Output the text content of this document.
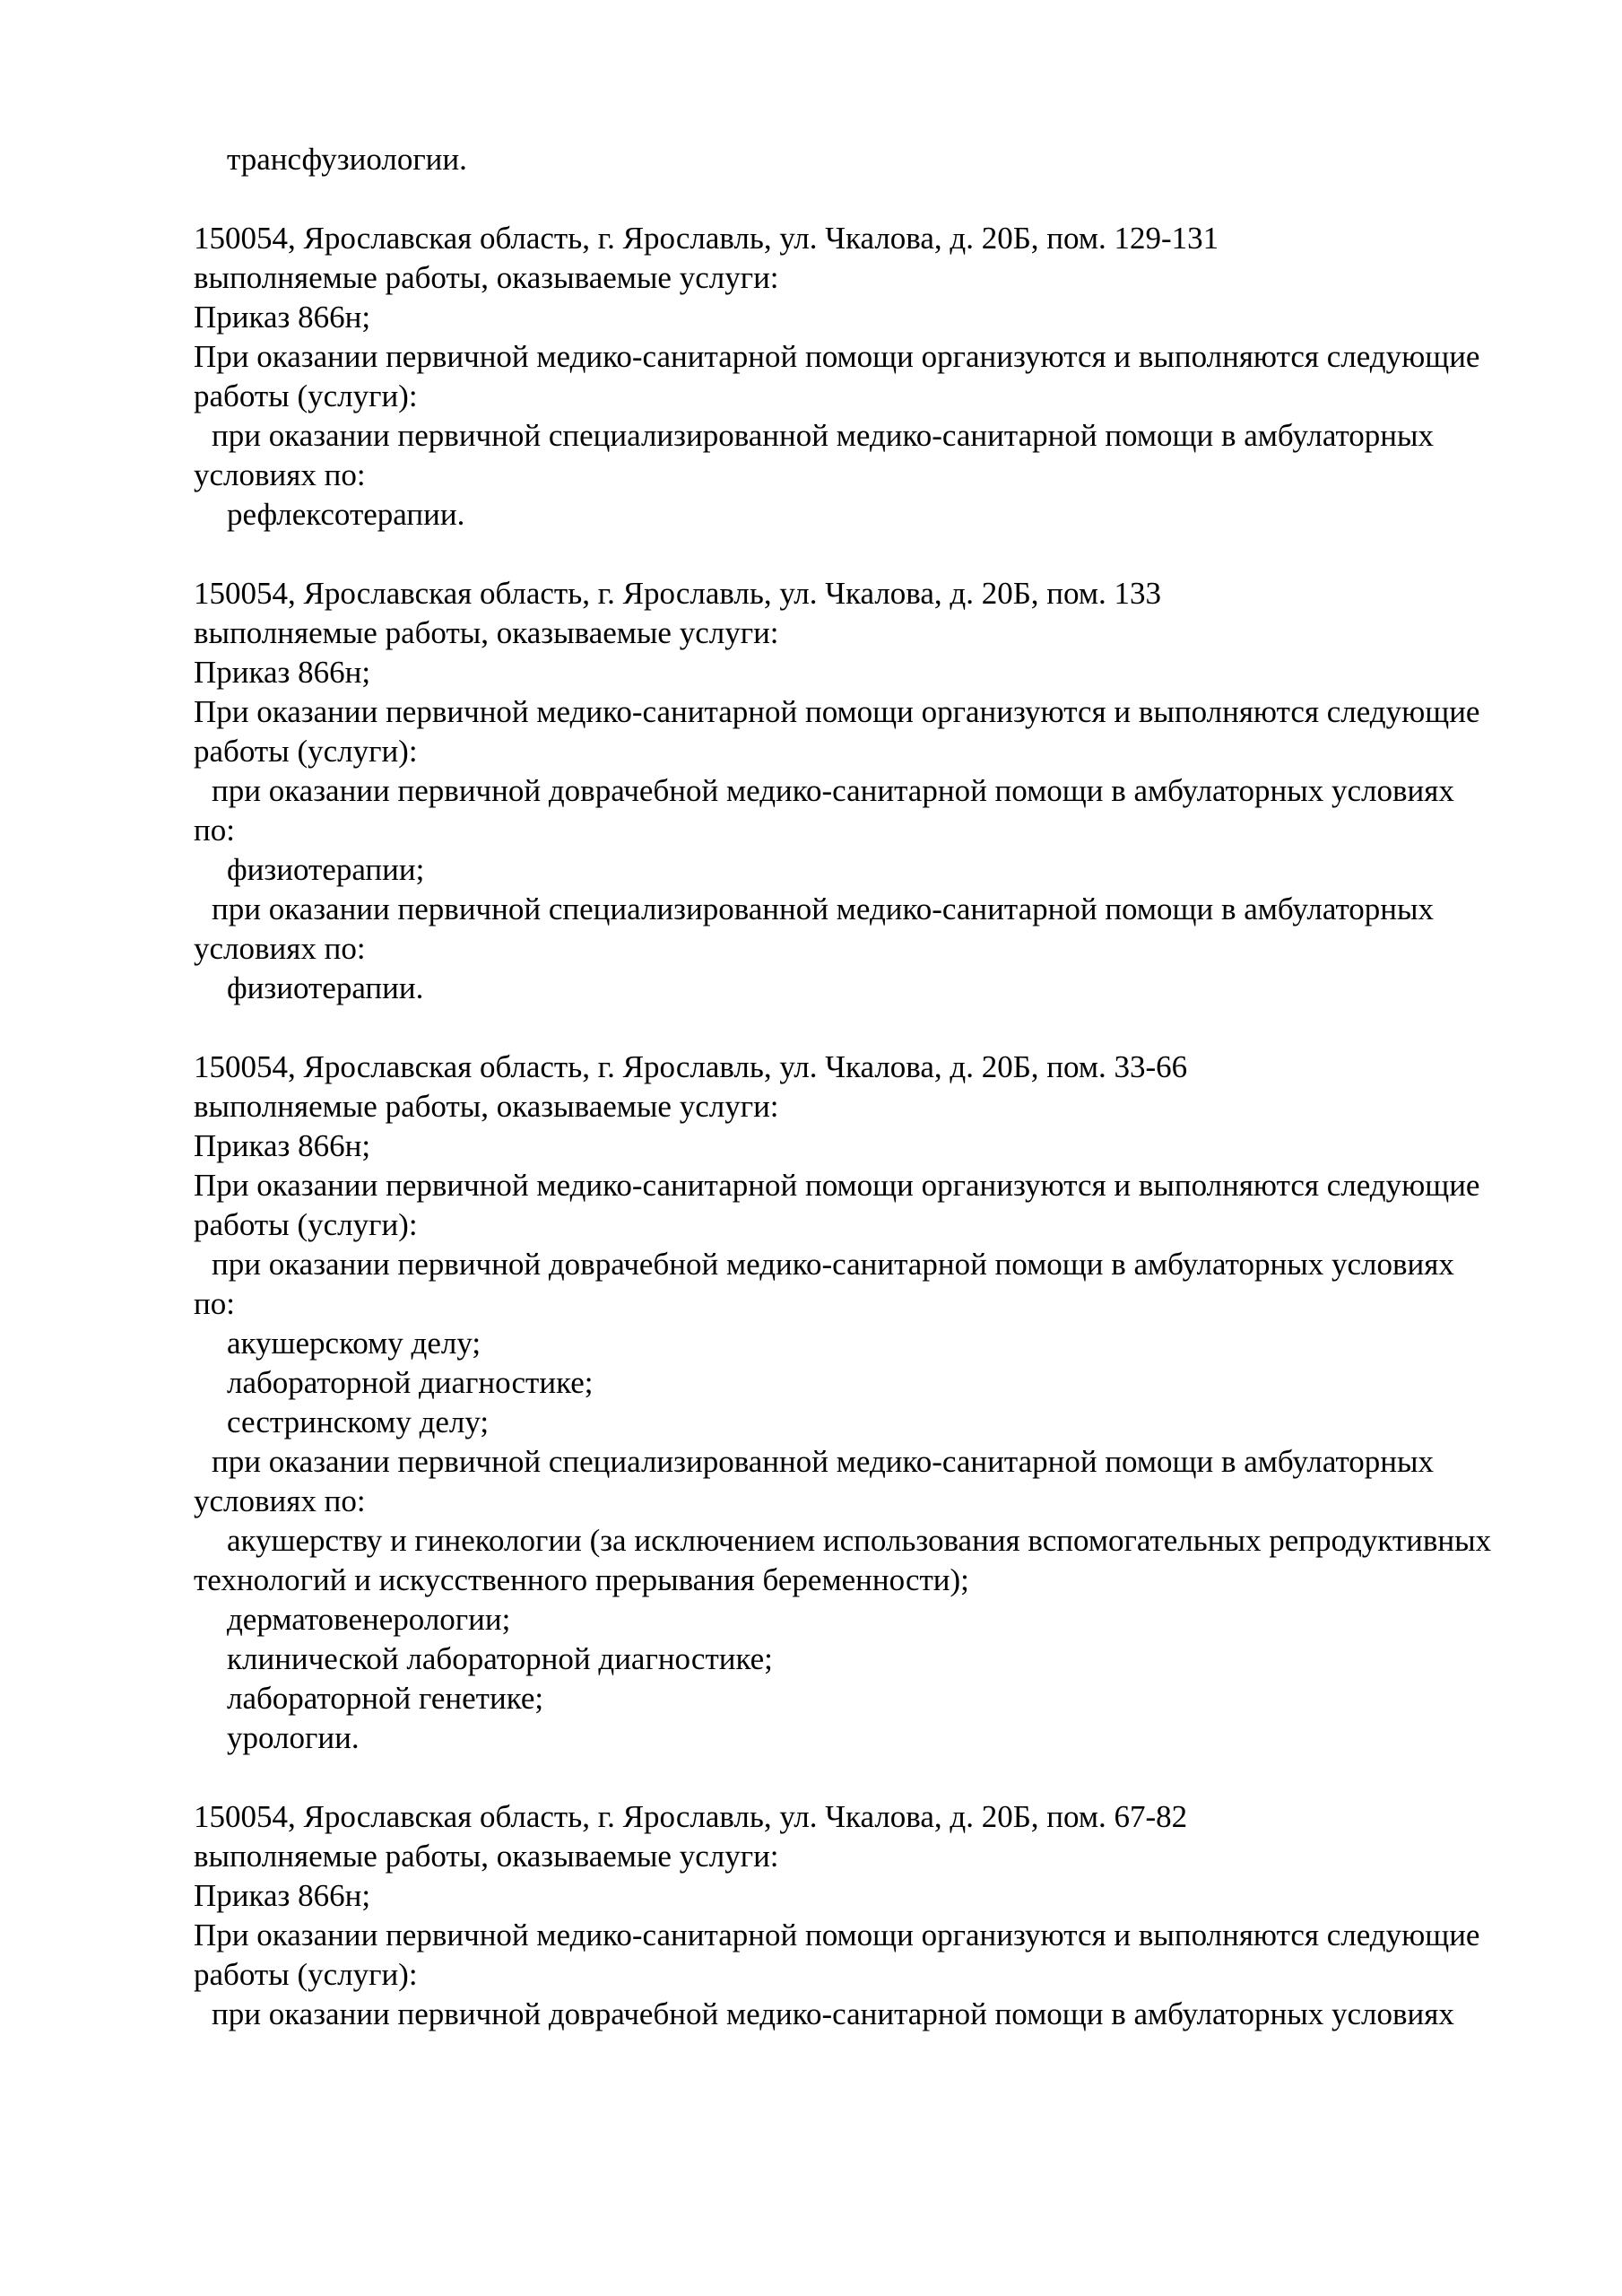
трансфузиологии.
150054, Ярославская область, г. Ярославль, ул. Чкалова, д. 20Б, пом. 129-131
выполняемые работы, оказываемые услуги:
Приказ 866н;
При оказании первичной медико-санитарной помощи организуются и выполняются следующие
работы (услуги):
при оказании первичной специализированной медико-санитарной помощи в амбулаторных
условиях по:
рефлексотерапии.
150054, Ярославская область, г. Ярославль, ул. Чкалова, д. 20Б, пом. 133
выполняемые работы, оказываемые услуги:
Приказ 866н;
При оказании первичной медико-санитарной помощи организуются и выполняются следующие
работы (услуги):
при оказании первичной доврачебной медико-санитарной помощи в амбулаторных условиях
по:
физиотерапии;
при оказании первичной специализированной медико-санитарной помощи в амбулаторных
условиях по:
физиотерапии.
150054, Ярославская область, г. Ярославль, ул. Чкалова, д. 20Б, пом. 33-66
выполняемые работы, оказываемые услуги:
Приказ 866н;
При оказании первичной медико-санитарной помощи организуются и выполняются следующие
работы (услуги):
при оказании первичной доврачебной медико-санитарной помощи в амбулаторных условиях
по:
акушерскому делу;
лабораторной диагностике;
сестринскому делу;
при оказании первичной специализированной медико-санитарной помощи в амбулаторных
условиях по:
акушерству и гинекологии (за исключением использования вспомогательных репродуктивных
технологий и искусственного прерывания беременности);
дерматовенерологии;
клинической лабораторной диагностике;
лабораторной генетике;
урологии.
150054, Ярославская область, г. Ярославль, ул. Чкалова, д. 20Б, пом. 67-82
выполняемые работы, оказываемые услуги:
Приказ 866н;
При оказании первичной медико-санитарной помощи организуются и выполняются следующие
работы (услуги):
при оказании первичной доврачебной медико-санитарной помощи в амбулаторных условиях
